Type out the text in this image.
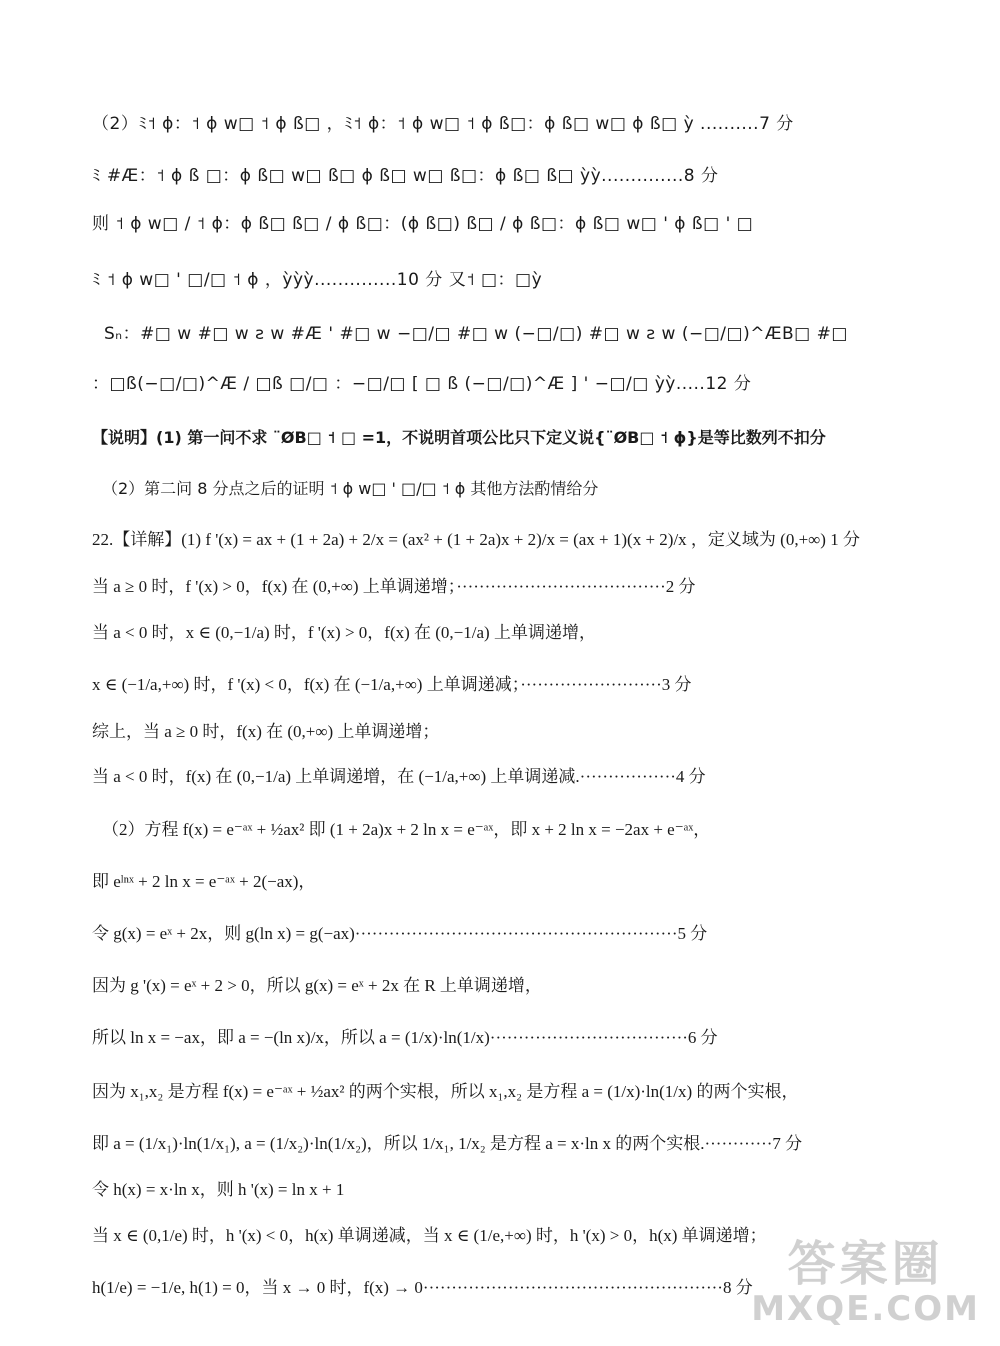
（2）ﾐ˦ ϕ：˦ ϕ w□ ˦ ϕ ß□ ，ﾐ˦ ϕ：˦ ϕ w□ ˦ ϕ ß□：ϕ ß□ w□ ϕ ß□ ỳ ..........7 分
ﾐ #Æ：˦ ϕ ß □：ϕ ß□ w□ ß□ ϕ ß□ w□ ß□：ϕ ß□ ß□ ỳỳ..............8 分
则 ˦ ϕ w□ / ˦ ϕ：ϕ ß□ ß□ / ϕ ß□：(ϕ ß□) ß□ / ϕ ß□：ϕ ß□ w□ ' ϕ ß□ ' □
ﾐ ˦ ϕ w□ ' □/□ ˦ ϕ ，ỳỳỳ..............10 分 又˦ □：□ỳ
Sₙ：#□ w #□ w ƨ w #Æ ' #□ w −□/□ #□ w (−□/□) #□ w ƨ w (−□/□)^ÆB□ #□
：□ß(−□/□)^Æ / □ß □/□ ：−□/□ [ □ ß (−□/□)^Æ ] ' −□/□ ỳỳ.....12 分
【说明】(1) 第一问不求 ¨ØB□ ˦ □ =1，不说明首项公比只下定义说{¨ØB□ ˦ ϕ}是等比数列不扣分
（2）第二问 8 分点之后的证明 ˦ ϕ w□ ' □/□ ˦ ϕ 其他方法酌情给分
22.【详解】(1) f '(x) = ax + (1 + 2a) + 2/x = (ax² + (1 + 2a)x + 2)/x = (ax + 1)(x + 2)/x ，定义域为 (0,+∞) 1 分
当 a ≥ 0 时，f '(x) > 0，f(x) 在 (0,+∞) 上单调递增；·····································2 分
当 a < 0 时，x ∈ (0,−1/a) 时，f '(x) > 0，f(x) 在 (0,−1/a) 上单调递增，
x ∈ (−1/a,+∞) 时，f '(x) < 0，f(x) 在 (−1/a,+∞) 上单调递减；·························3 分
综上，当 a ≥ 0 时，f(x) 在 (0,+∞) 上单调递增；
当 a < 0 时，f(x) 在 (0,−1/a) 上单调递增，在 (−1/a,+∞) 上单调递减.·················4 分
（2）方程 f(x) = e⁻ᵃˣ + ½ax² 即 (1 + 2a)x + 2 ln x = e⁻ᵃˣ，即 x + 2 ln x = −2ax + e⁻ᵃˣ，
即 eˡⁿˣ + 2 ln x = e⁻ᵃˣ + 2(−ax)，
令 g(x) = eˣ + 2x，则 g(ln x) = g(−ax)·························································5 分
因为 g '(x) = eˣ + 2 > 0，所以 g(x) = eˣ + 2x 在 R 上单调递增，
所以 ln x = −ax，即 a = −(ln x)/x，所以 a = (1/x)·ln(1/x)···································6 分
因为 x₁,x₂ 是方程 f(x) = e⁻ᵃˣ + ½ax² 的两个实根，所以 x₁,x₂ 是方程 a = (1/x)·ln(1/x) 的两个实根，
即 a = (1/x₁)·ln(1/x₁), a = (1/x₂)·ln(1/x₂)，所以 1/x₁, 1/x₂ 是方程 a = x·ln x 的两个实根.············7 分
令 h(x) = x·ln x，则 h '(x) = ln x + 1
当 x ∈ (0,1/e) 时，h '(x) < 0，h(x) 单调递减，当 x ∈ (1/e,+∞) 时，h '(x) > 0，h(x) 单调递增；
h(1/e) = −1/e, h(1) = 0，当 x → 0 时，f(x) → 0·····················································8 分 答案圈
MXQE.COM
